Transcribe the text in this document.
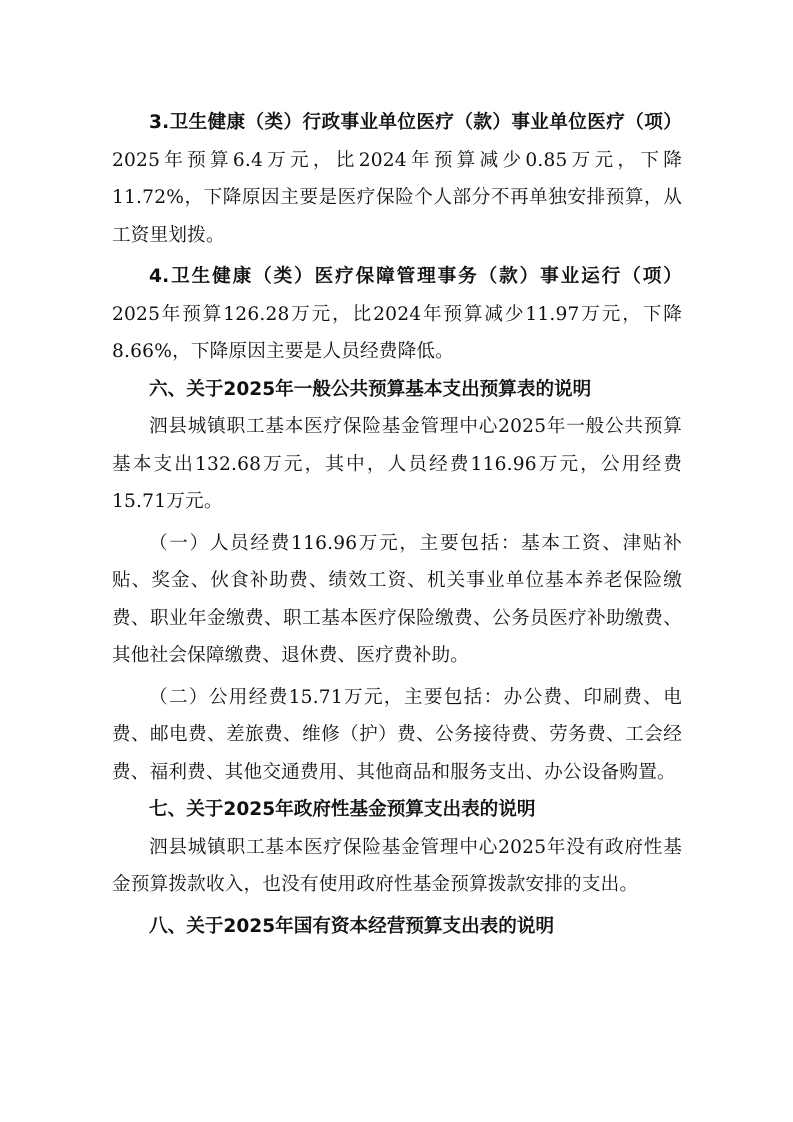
3.卫生健康（类）行政事业单位医疗（款）事业单位医疗（项）2025年预算6.4万元，比2024年预算减少0.85万元，下降11.72%，下降原因主要是医疗保险个人部分不再单独安排预算，从工资里划拨。

4.卫生健康（类）医疗保障管理事务（款）事业运行（项）2025年预算126.28万元，比2024年预算减少11.97万元，下降8.66%，下降原因主要是人员经费降低。

六、关于2025年一般公共预算基本支出预算表的说明

泗县城镇职工基本医疗保险基金管理中心2025年一般公共预算基本支出132.68万元，其中，人员经费116.96万元，公用经费15.71万元。

（一）人员经费116.96万元，主要包括：基本工资、津贴补贴、奖金、伙食补助费、绩效工资、机关事业单位基本养老保险缴费、职业年金缴费、职工基本医疗保险缴费、公务员医疗补助缴费、其他社会保障缴费、退休费、医疗费补助。

（二）公用经费15.71万元，主要包括：办公费、印刷费、电费、邮电费、差旅费、维修（护）费、公务接待费、劳务费、工会经费、福利费、其他交通费用、其他商品和服务支出、办公设备购置。

七、关于2025年政府性基金预算支出表的说明

泗县城镇职工基本医疗保险基金管理中心2025年没有政府性基金预算拨款收入，也没有使用政府性基金预算拨款安排的支出。

八、关于2025年国有资本经营预算支出表的说明
